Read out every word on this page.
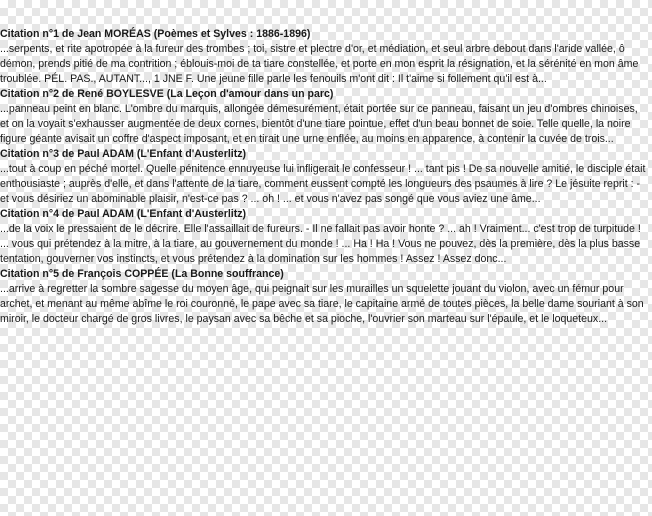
Citation n°1 de Jean MORÉAS (Poèmes et Sylves : 1886-1896)

...serpents, et rite apotropée à la fureur des trombes ; toi, sistre et plectre d'or, et médiation, et seul arbre debout dans l'aride vallée, ô démon, prends pitié de ma contrition ; éblouis-moi de ta tiare constellée, et porte en mon esprit la résignation, et la sérénité en mon âme troublée. PÉL. PAS., AUTANT..., 1 JNE F. Une jeune fille parle les fenouils m'ont dit : Il t'aime si follement qu'il est à...

Citation n°2 de René BOYLESVE (La Leçon d'amour dans un parc)

...panneau peint en blanc. L'ombre du marquis, allongée démesurément, était portée sur ce panneau, faisant un jeu d'ombres chinoises, et on la voyait s'exhausser augmentée de deux cornes, bientôt d'une tiare pointue, effet d'un beau bonnet de soie. Telle quelle, la noire figure géante avisait un coffre d'aspect imposant, et en tirait une urne enflée, au moins en apparence, à contenir la cuvée de trois...

Citation n°3 de Paul ADAM (L'Enfant d'Austerlitz)

...tout à coup en péché mortel. Quelle pénitence ennuyeuse lui infligerait le confesseur ! ... tant pis ! De sa nouvelle amitié, le disciple était enthousiaste ; auprès d'elle, et dans l'attente de la tiare, comment eussent compté les longueurs des psaumes à lire ? Le jésuite reprit : - et vous désiriez un abominable plaisir, n'est-ce pas ? ... oh ! ... et vous n'avez pas songé que vous aviez une âme...

Citation n°4 de Paul ADAM (L'Enfant d'Austerlitz)

...de la voix le pressaient de le décrire. Elle l'assaillait de fureurs. - Il ne fallait pas avoir honte ? ... ah ! Vraiment... c'est trop de turpitude ! ... vous qui prétendez à la mitre, à la tiare, au gouvernement du monde ! ... Ha ! Ha ! Vous ne pouvez, dès la première, dès la plus basse tentation, gouverner vos instincts, et vous prétendez à la domination sur les hommes ! Assez ! Assez donc...

Citation n°5 de François COPPÉE (La Bonne souffrance)

...arrive à regretter la sombre sagesse du moyen âge, qui peignait sur les murailles un squelette jouant du violon, avec un fémur pour archet, et menant au même abîme le roi couronné, le pape avec sa tiare, le capitaine armé de toutes pièces, la belle dame souriant à son miroir, le docteur chargé de gros livres, le paysan avec sa bêche et sa pioche, l'ouvrier son marteau sur l'épaule, et le loqueteux...
